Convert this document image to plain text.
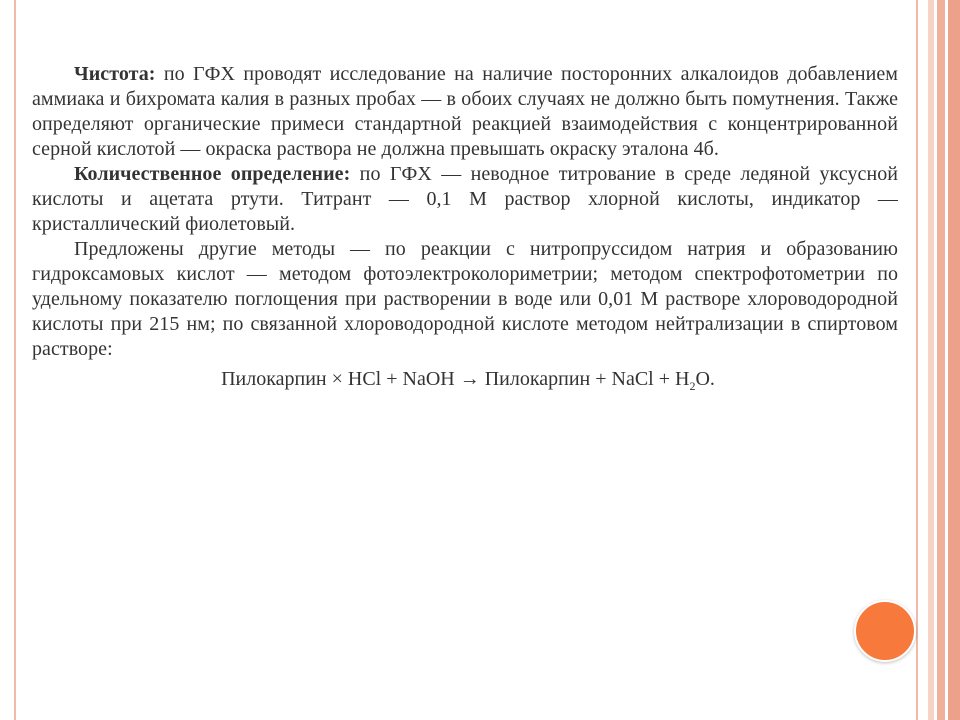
Чистота: по ГФХ проводят исследование на наличие посторонних алкалоидов добавлением аммиака и бихромата калия в разных пробах — в обоих случаях не должно быть помутнения. Также определяют органические примеси стандартной реакцией взаимодействия с концентрированной серной кислотой — окраска раствора не должна превышать окраску эталона 4б.

Количественное определение: по ГФХ — неводное титрование в среде ледяной уксусной кислоты и ацетата ртути. Титрант — 0,1 М раствор хлорной кислоты, индикатор — кристаллический фиолетовый.

Предложены другие методы — по реакции с нитропруссидом натрия и образованию гидроксамовых кислот — методом фотоэлектроколориметрии; методом спектрофотометрии по удельному показателю поглощения при растворении в воде или 0,01 М растворе хлороводородной кислоты при 215 нм; по связанной хлороводородной кислоте методом нейтрализации в спиртовом растворе:

Пилокарпин × HCl + NaOH → Пилокарпин + NaCl + $H_2O$.
